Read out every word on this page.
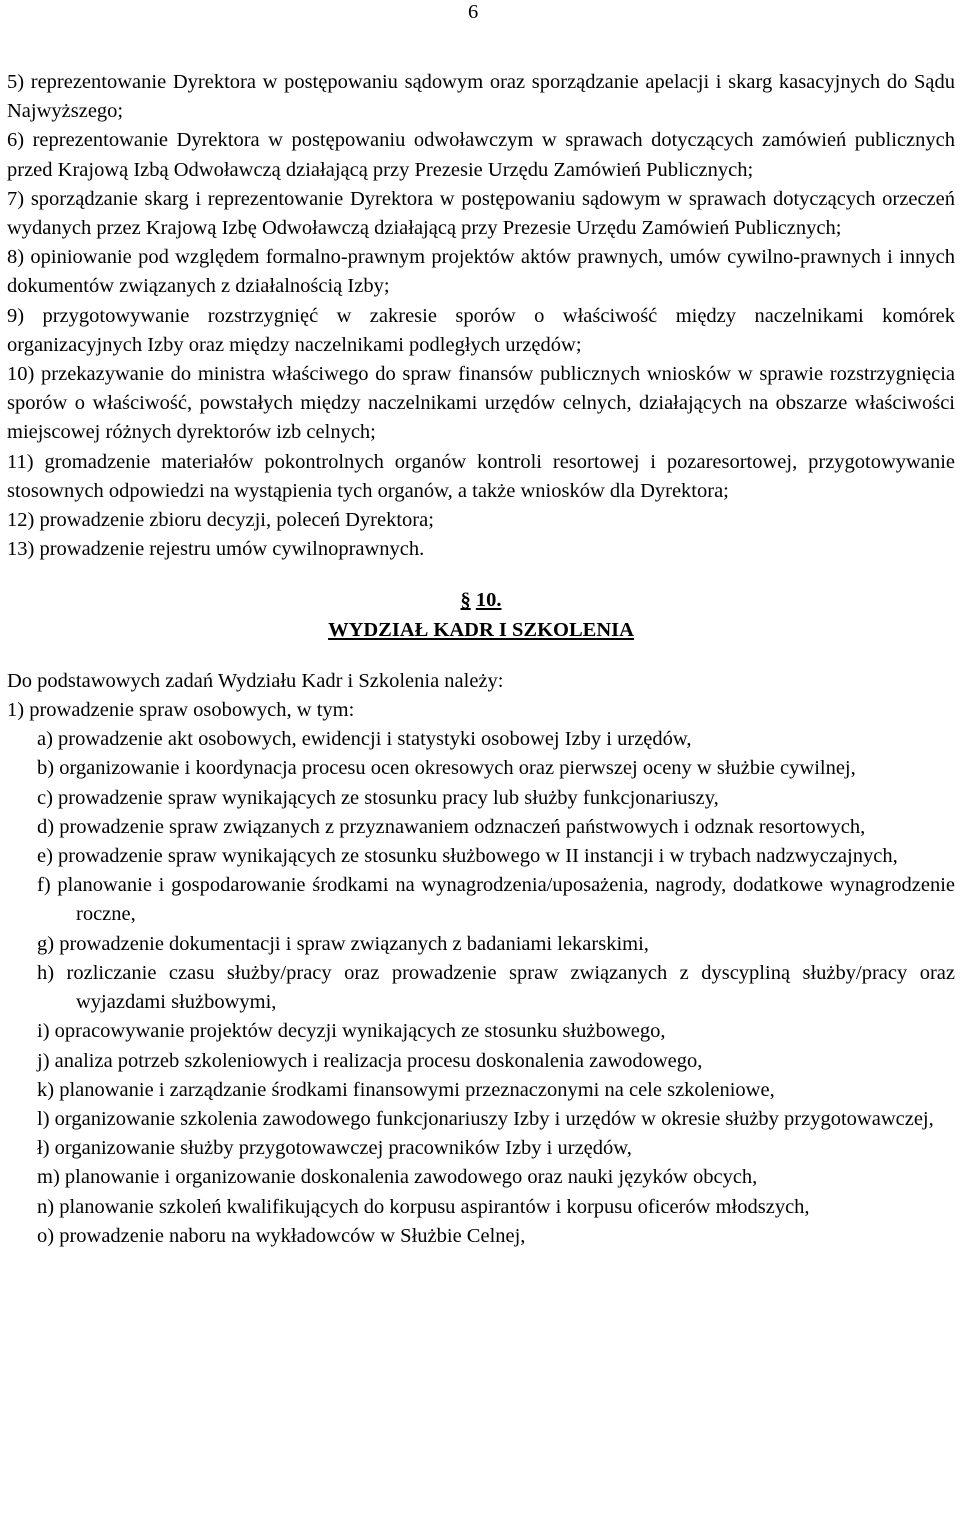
6
5) reprezentowanie Dyrektora w postępowaniu sądowym oraz sporządzanie apelacji i skarg kasacyjnych do Sądu Najwyższego;
6) reprezentowanie Dyrektora w postępowaniu odwoławczym w sprawach dotyczących zamówień publicznych przed Krajową Izbą Odwoławczą działającą przy Prezesie Urzędu Zamówień Publicznych;
7) sporządzanie skarg i reprezentowanie Dyrektora w postępowaniu sądowym w sprawach dotyczących orzeczeń wydanych przez Krajową Izbę Odwoławczą działającą przy Prezesie Urzędu Zamówień Publicznych;
8) opiniowanie pod względem formalno-prawnym projektów aktów prawnych, umów cywilno-prawnych i innych dokumentów związanych z działalnością Izby;
9) przygotowywanie rozstrzygnięć w zakresie sporów o właściwość między naczelnikami komórek organizacyjnych Izby oraz między naczelnikami podległych urzędów;
10) przekazywanie do ministra właściwego do spraw finansów publicznych wniosków w sprawie rozstrzygnięcia sporów o właściwość, powstałych między naczelnikami urzędów celnych, działających na obszarze właściwości miejscowej różnych dyrektorów izb celnych;
11) gromadzenie materiałów pokontrolnych organów kontroli resortowej i pozaresortowej, przygotowywanie stosownych odpowiedzi na wystąpienia tych organów, a także wniosków dla Dyrektora;
12) prowadzenie zbioru decyzji, poleceń Dyrektora;
13) prowadzenie rejestru umów cywilnoprawnych.
§ 10.
WYDZIAŁ KADR I SZKOLENIA
Do podstawowych zadań Wydziału Kadr i Szkolenia należy:
1) prowadzenie spraw osobowych, w tym:
a) prowadzenie akt osobowych, ewidencji i statystyki osobowej Izby i urzędów,
b) organizowanie i koordynacja procesu ocen okresowych oraz pierwszej oceny w służbie cywilnej,
c) prowadzenie spraw wynikających ze stosunku pracy lub służby funkcjonariuszy,
d) prowadzenie spraw związanych z przyznawaniem odznaczeń państwowych i odznak resortowych,
e) prowadzenie spraw wynikających ze stosunku służbowego w II instancji i w trybach nadzwyczajnych,
f) planowanie i gospodarowanie środkami na wynagrodzenia/uposażenia, nagrody, dodatkowe wynagrodzenie roczne,
g) prowadzenie dokumentacji i spraw związanych z badaniami lekarskimi,
h) rozliczanie czasu służby/pracy oraz prowadzenie spraw związanych z dyscypliną służby/pracy oraz wyjazdami służbowymi,
i) opracowywanie projektów decyzji wynikających ze stosunku służbowego,
j) analiza potrzeb szkoleniowych i realizacja procesu doskonalenia zawodowego,
k) planowanie i zarządzanie środkami finansowymi przeznaczonymi na cele szkoleniowe,
l) organizowanie szkolenia zawodowego funkcjonariuszy Izby i urzędów w okresie służby przygotowawczej,
ł) organizowanie służby przygotowawczej pracowników Izby i urzędów,
m) planowanie i organizowanie doskonalenia zawodowego oraz nauki języków obcych,
n) planowanie szkoleń kwalifikujących do korpusu aspirantów i korpusu oficerów młodszych,
o) prowadzenie naboru na wykładowców w Służbie Celnej,
